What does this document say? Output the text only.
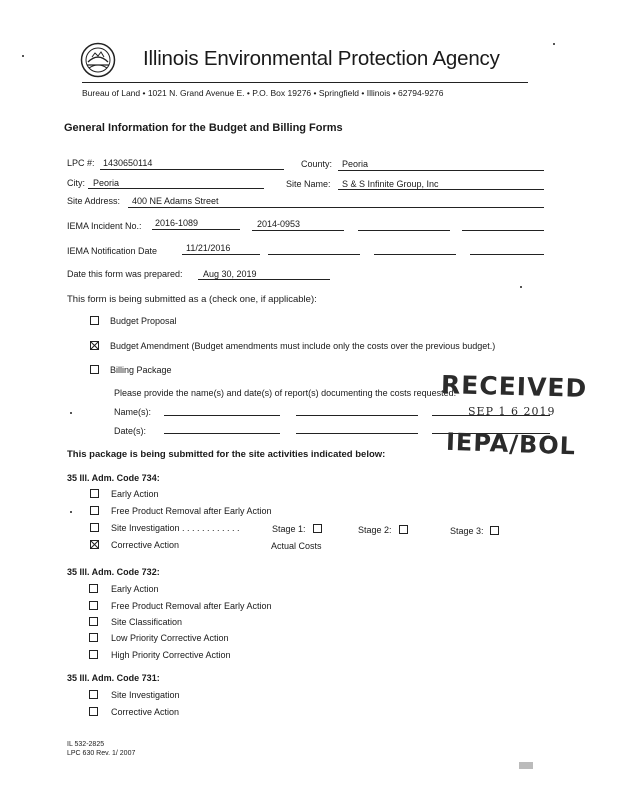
Illinois Environmental Protection Agency
Bureau of Land • 1021 N. Grand Avenue E. • P.O. Box 19276 • Springfield • Illinois • 62794-9276
General Information for the Budget and Billing Forms
LPC #: 1430650114	County: Peoria
City: Peoria	Site Name: S & S Infinite Group, Inc
Site Address: 400 NE Adams Street
IEMA Incident No.: 2016-1089	2014-0953
IEMA Notification Date	11/21/2016
Date this form was prepared: Aug 30, 2019
This form is being submitted as a (check one, if applicable):
Budget Proposal
Budget Amendment (Budget amendments must include only the costs over the previous budget.)
Billing Package
Please provide the name(s) and date(s) of report(s) documenting the costs requested:
Name(s):
Date(s):
RECEIVED
SEP 1 6 2019
IEPA/BOL
This package is being submitted for the site activities indicated below:
35 Ill. Adm. Code 734:
Early Action
Free Product Removal after Early Action
Site Investigation . . . . . . . . . . . .	Stage 1:	Stage 2:	Stage 3:
Corrective Action	Actual Costs
35 Ill. Adm. Code 732:
Early Action
Free Product Removal after Early Action
Site Classification
Low Priority Corrective Action
High Priority Corrective Action
35 Ill. Adm. Code 731:
Site Investigation
Corrective Action
IL 532-2825
LPC 630 Rev. 1/ 2007
